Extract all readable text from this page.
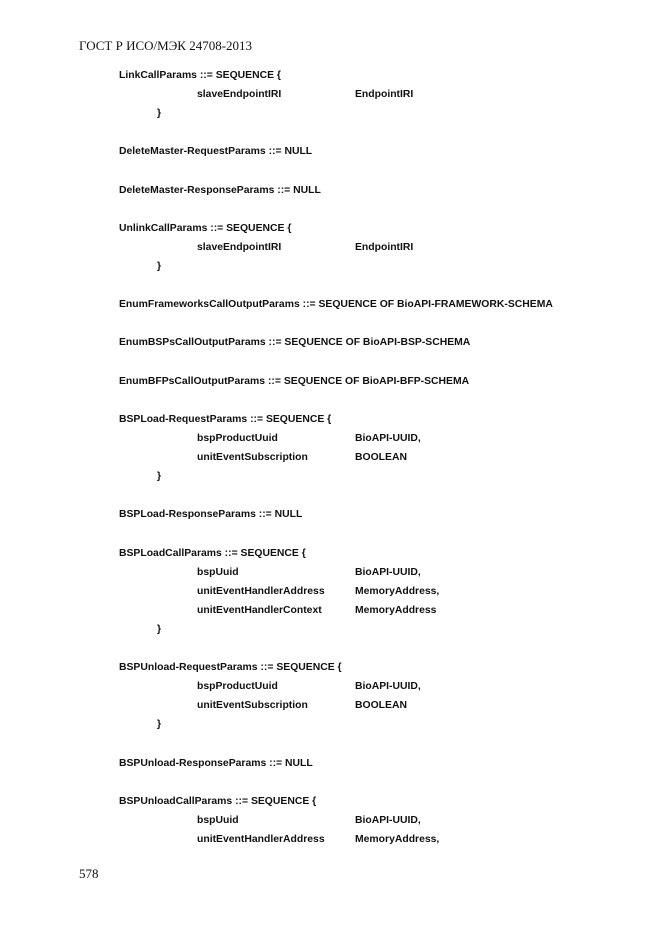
ГОСТ Р ИСО/МЭК 24708-2013
LinkCallParams ::= SEQUENCE {
slaveEndpointIRI	EndpointIRI
}
DeleteMaster-RequestParams ::= NULL
DeleteMaster-ResponseParams ::= NULL
UnlinkCallParams ::= SEQUENCE {
slaveEndpointIRI	EndpointIRI
}
EnumFrameworksCallOutputParams ::= SEQUENCE OF BioAPI-FRAMEWORK-SCHEMA
EnumBSPsCallOutputParams ::= SEQUENCE OF BioAPI-BSP-SCHEMA
EnumBFPsCallOutputParams ::= SEQUENCE OF BioAPI-BFP-SCHEMA
BSPLoad-RequestParams ::= SEQUENCE {
bspProductUuid	BioAPI-UUID,
unitEventSubscription	BOOLEAN
}
BSPLoad-ResponseParams ::= NULL
BSPLoadCallParams ::= SEQUENCE {
bspUuid	BioAPI-UUID,
unitEventHandlerAddress	MemoryAddress,
unitEventHandlerContext	MemoryAddress
}
BSPUnload-RequestParams ::= SEQUENCE {
bspProductUuid	BioAPI-UUID,
unitEventSubscription	BOOLEAN
}
BSPUnload-ResponseParams ::= NULL
BSPUnloadCallParams ::= SEQUENCE {
bspUuid	BioAPI-UUID,
unitEventHandlerAddress	MemoryAddress,
578
